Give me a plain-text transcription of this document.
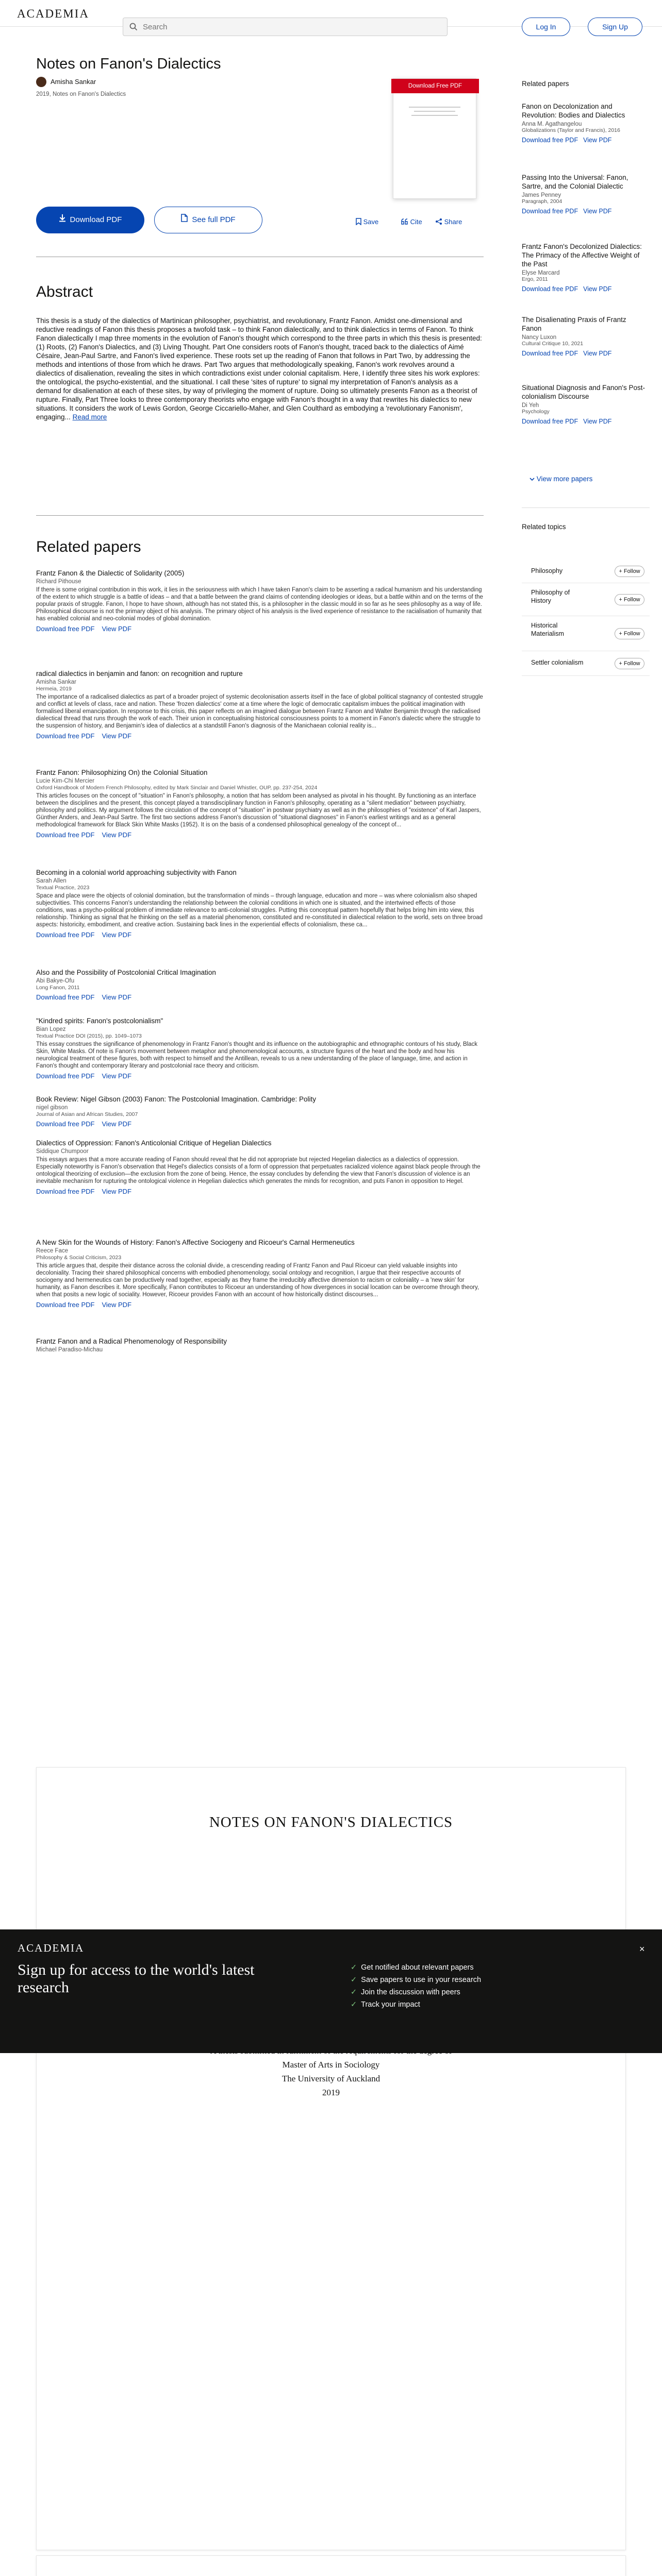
ACADEMIA
Search
Log In	Sign Up
Notes on Fanon's Dialectics
Amisha Sankar
2019, Notes on Fanon's Dialectics
Download Free PDF
Download PDF	See full PDF	Save	Cite	Share
Abstract
This thesis is a study of the dialectics of Martinican philosopher, psychiatrist, and revolutionary, Frantz Fanon. Amidst one-dimensional and reductive readings of Fanon this thesis proposes a twofold task – to think Fanon dialectically, and to think dialectics in terms of Fanon. To think Fanon dialectically I map three moments in the evolution of Fanon's thought which correspond to the three parts in which this thesis is presented: (1) Roots, (2) Fanon's Dialectics, and (3) Living Thought. Part One considers roots of Fanon's thought, traced back to the dialectics of Aimé Césaire, Jean-Paul Sartre, and Fanon's lived experience. These roots set up the reading of Fanon that follows in Part Two, by addressing the methods and intentions of those from which he draws. Part Two argues that methodologically speaking, Fanon's work revolves around a dialectics of disalienation, revealing the sites in which contradictions exist under colonial capitalism. Here, I identify three sites his work explores: the ontological, the psycho-existential, and the situational. I call these 'sites of rupture' to signal my interpretation of Fanon's analysis as a demand for disalienation at each of these sites, by way of privileging the moment of rupture. Doing so ultimately presents Fanon as a theorist of rupture. Finally, Part Three looks to three contemporary theorists who engage with Fanon's thought in a way that rewrites his dialectics to new situations. It considers the work of Lewis Gordon, George Ciccariello-Maher, and Glen Coulthard as embodying a 'revolutionary Fanonism', engaging... Read more
Related papers
Frantz Fanon & the Dialectic of Solidarity (2005)
Richard Pithouse
If there is some original contribution in this work, it lies in the seriousness with which I have taken Fanon's claim to be asserting a radical humanism and his understanding of the extent to which struggle is a battle of ideas – and that a battle between the grand claims of contending ideologies or ideas, but a battle within and on the terms of the popular praxis of struggle. Fanon, I hope to have shown, although has not stated this, is a philosopher in the classic mould in so far as he sees philosophy as a way of life. Philosophical discourse is not the primary object of his analysis. The primary object of his analysis is the lived experience of resistance to the racialisation of humanity that has enabled colonial and neo-colonial modes of global domination.
Download free PDF View PDF
radical dialectics in benjamin and fanon: on recognition and rupture
Amisha Sankar
Hermeia, 2019
The importance of a radicalised dialectics as part of a broader project of systemic decolonisation asserts itself in the face of global political stagnancy of contested struggle and conflict at levels of class, race and nation. These 'frozen dialectics' come at a time where the logic of democratic capitalism imbues the political imagination with formalised liberal emancipation. In response to this crisis, this paper reflects on an imagined dialogue between Frantz Fanon and Walter Benjamin through the radicalised dialectical thread that runs through the work of each. Their union in conceptualising historical consciousness points to a moment in Fanon's dialectic where the struggle to the suspension of history, and Benjamin's idea of dialectics at a standstill Fanon's diagnosis of the Manichaean colonial reality is...
Download free PDF View PDF
Frantz Fanon: Philosophizing On) the Colonial Situation
Lucie Kim-Chi Mercier
Oxford Handbook of Modern French Philosophy, edited by Mark Sinclair and Daniel Whistler, OUP, pp. 237-254, 2024
This articles focuses on the concept of "situation" in Fanon's philosophy, a notion that has seldom been analysed as pivotal in his thought. By functioning as an interface between the disciplines and the present, this concept played a transdisciplinary function in Fanon's philosophy, operating as a "silent mediation" between psychiatry, philosophy and politics. My argument follows the circulation of the concept of "situation" in postwar psychiatry as well as in the philosophies of "existence" of Karl Jaspers, Günther Anders, and Jean-Paul Sartre. The first two sections address Fanon's discussion of "situational diagnoses" in Fanon's earliest writings and as a general methodological framework for Black Skin White Masks (1952). It is on the basis of a condensed philosophical genealogy of the concept of...
Download free PDF View PDF
Becoming in a colonial world approaching subjectivity with Fanon
Sarah Allen
Textual Practice, 2023
Space and place were the objects of colonial domination, but the transformation of minds – through language, education and more – was where colonialism also shaped subjectivities. This concerns Fanon's understanding the relationship between the colonial conditions in which one is situated, and the intertwined effects of those conditions, was a psycho-political problem of immediate relevance to anti-colonial struggles. Putting this conceptual pattern hopefully that helps bring him into view, this relationship. Thinking as signal that he thinking on the self as a material phenomenon, constituted and re-constituted in dialectical relation to the world, sets on three broad aspects: historicity, embodiment, and creative action. Sustaining back lines in the experiential effects of colonialism, these ca...
Download free PDF View PDF
Also and the Possibility of Postcolonial Critical Imagination
Abi Bakye-Ofu
Long Fanon, 2011
Download free PDF View PDF
"Kindred spirits: Fanon's postcolonialism"
Bian Lopez
Textual Practice DOI (2015), pp. 1049–1073
This essay construes the significance of phenomenology in Frantz Fanon's thought and its influence on the autobiographic and ethnographic contours of his study, Black Skin, White Masks. Of note is Fanon's movement between metaphor and phenomenological accounts, a structure figures of the heart and the body and how his neurological treatment of these figures, both with respect to himself and the Antillean, reveals to us a new understanding of the place of language, time, and action in Fanon's thought and contemporary literary and postcolonial race theory and criticism.
Download free PDF View PDF
Book Review: Nigel Gibson (2003) Fanon: The Postcolonial Imagination. Cambridge: Polity
nigel gibson
Journal of Asian and African Studies, 2007
Download free PDF View PDF
Dialectics of Oppression: Fanon's Anticolonial Critique of Hegelian Dialectics
Siddique Chumpoor
This essays argues that a more accurate reading of Fanon should reveal that he did not appropriate but rejected Hegelian dialectics as a dialectics of oppression. Especially noteworthy is Fanon's observation that Hegel's dialectics consists of a form of oppression that perpetuates racialized violence against black people through the ontological theorizing of exclusion—the exclusion from the zone of being. Hence, the essay concludes by defending the view that Fanon's discussion of violence is an inevitable mechanism for rupturing the ontological violence in Hegelian dialectics which generates the minds for recognition, and puts Fanon in opposition to Hegel.
Download free PDF View PDF
A New Skin for the Wounds of History: Fanon's Affective Sociogeny and Ricoeur's Carnal Hermeneutics
Reece Face
Philosophy & Social Criticism, 2023
This article argues that, despite their distance across the colonial divide, a crescending reading of Frantz Fanon and Paul Ricoeur can yield valuable insights into decoloniality. Tracing their shared philosophical concerns with embodied phenomenology, social ontology and recognition, I argue that their respective accounts of sociogeny and hermeneutics can be productively read together, especially as they frame the irreducibly affective dimension to racism or coloniality – a 'new skin' for humanity, as Fanon describes it. More specifically, Fanon contributes to Ricoeur an understanding of how divergences in social location can be overcome through theory, when that posits a new logic of sociality. However, Ricoeur provides Fanon with an account of how historically distinct discourses...
Download free PDF View PDF
Frantz Fanon and a Radical Phenomenology of Responsibility
Michael Paradiso-Michau
Related papers
Fanon on Decolonization and Revolution: Bodies and Dialectics
Anna M. Agathangelou
Globalizations (Taylor and Francis), 2016
Download free PDF View PDF
Passing Into the Universal: Fanon, Sartre, and the Colonial Dialectic
James Penney
Paragraph, 2004
Download free PDF View PDF
Frantz Fanon's Decolonized Dialectics: The Primacy of the Affective Weight of the Past
Elyse Marcard
Ergo, 2011
Download free PDF View PDF
The Disalienating Praxis of Frantz Fanon
Nancy Luxon
Cultural Critique 10, 2021
Download free PDF View PDF
Situational Diagnosis and Fanon's Post-colonialism Discourse
Di Yeh
Psychology
Download free PDF View PDF
View more papers
Related topics
Philosophy	+ Follow
Philosophy of History	+ Follow
Historical Materialism	+ Follow
Settler colonialism	+ Follow
NOTES ON FANON'S DIALECTICS
Master of Arts in Sociology
The University of Auckland
2019

ACADEMIA	×
Sign up for access to the world's latest research
✓ Get notified about relevant papers
✓ Save papers to use in your research
✓ Join the discussion with peers
✓ Track your impact
